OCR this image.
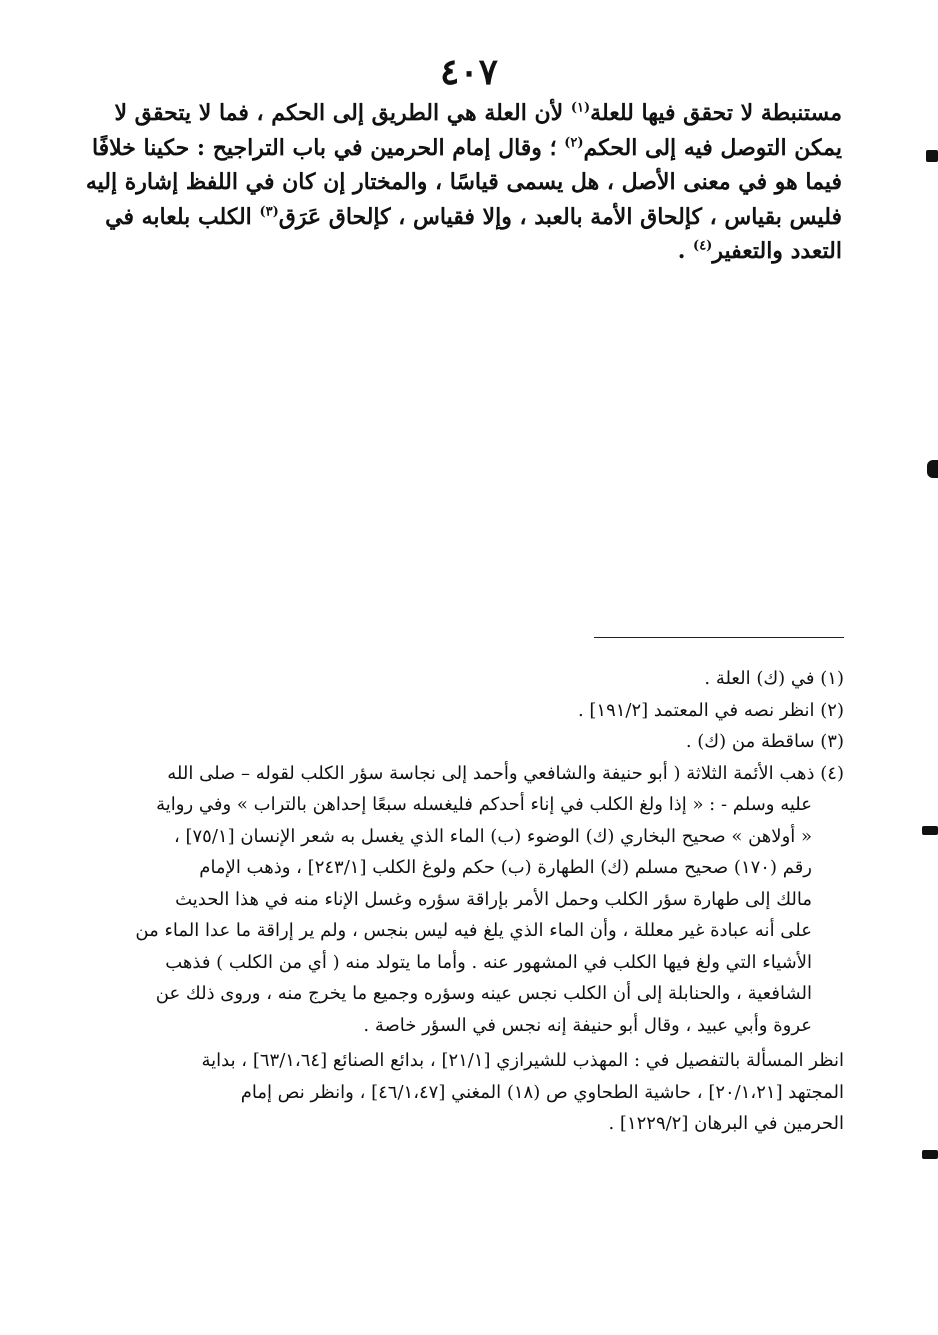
٤٠٧
مستنبطة لا تحقق فيها للعلة$^{(١)}$ لأن العلة هي الطريق إلى الحكم ، فما لا يتحقق لا
يمكن التوصل فيه إلى الحكم$^{(٢)}$ ؛ وقال إمام الحرمين في باب التراجيح : حكينا خلافًا
فيما هو في معنى الأصل ، هل يسمى قياسًا ، والمختار إن كان في اللفظ إشارة إليه
فليس بقياس ، كإلحاق الأمة بالعبد ، وإلا فقياس ، كإلحاق عَرَق$^{(٣)}$ الكلب بلعابه في
التعدد والتعفير$^{(٤)}$ .
(١) في (ك) العلة .
(٢) انظر نصه في المعتمد [١٩١/٢] .
(٣) ساقطة من (ك) .
(٤) ذهب الأئمة الثلاثة ( أبو حنيفة والشافعي وأحمد إلى نجاسة سؤر الكلب لقوله – صلى الله
عليه وسلم - : « إذا ولغ الكلب في إناء أحدكم فليغسله سبعًا إحداهن بالتراب » وفي رواية
« أولاهن » صحيح البخاري (ك) الوضوء (ب) الماء الذي يغسل به شعر الإنسان [٧٥/١] ،
رقم (١٧٠) صحيح مسلم (ك) الطهارة (ب) حكم ولوغ الكلب [٢٤٣/١] ، وذهب الإمام
مالك إلى طهارة سؤر الكلب وحمل الأمر بإراقة سؤره وغسل الإناء منه في هذا الحديث
على أنه عبادة غير معللة ، وأن الماء الذي يلغ فيه ليس بنجس ، ولم ير إراقة ما عدا الماء من
الأشياء التي ولغ فيها الكلب في المشهور عنه . وأما ما يتولد منه ( أي من الكلب ) فذهب
الشافعية ، والحنابلة إلى أن الكلب نجس عينه وسؤره وجميع ما يخرج منه ، وروى ذلك عن
عروة وأبي عبيد ، وقال أبو حنيفة إنه نجس في السؤر خاصة .
انظر المسألة بالتفصيل في : المهذب للشيرازي [٢١/١] ، بدائع الصنائع [٦٣/١،٦٤] ، بداية
المجتهد [٢٠/١،٢١] ، حاشية الطحاوي ص (١٨) المغني [٤٦/١،٤٧] ، وانظر نص إمام
الحرمين في البرهان [١٢٢٩/٢] .
